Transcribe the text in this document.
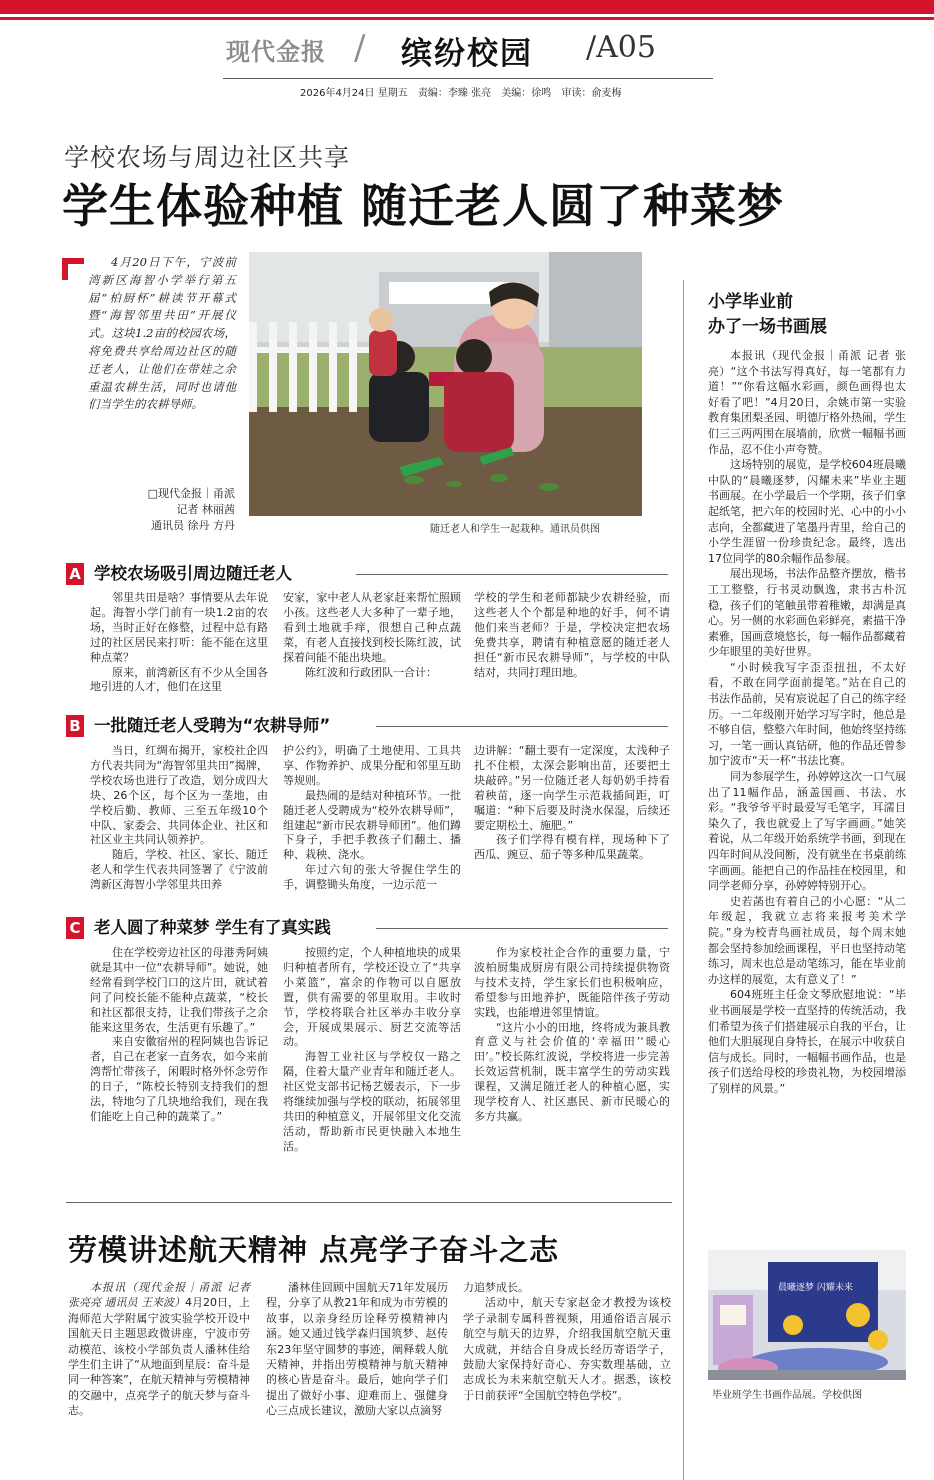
现代金报 / 缤纷校园 /A05
2026年4月24日 星期五 责编：李臻 张亮 美编：徐鸣 审读：俞麦梅
学校农场与周边社区共享
学生体验种植 随迁老人圆了种菜梦
4月20日下午，宁波前湾新区海智小学举行第五届“柏厨杯”耕读节开幕式暨“海智邻里共田”开展仪式。这块1.2亩的校园农场，将免费共享给周边社区的随迁老人，让他们在带娃之余重温农耕生活，同时也请他们当学生的农耕导师。
□现代金报｜甬派
记者 林丽茜
通讯员 徐丹 方丹	随迁老人和学生一起栽种。通讯员供图
小学毕业前
办了一场书画展

本报讯（现代金报｜甬派 记者 张亮）“这个书法写得真好，每一笔都有力道！”“你看这幅水彩画，颜色画得也太好看了吧！”4月20日，余姚市第一实验教育集团梨圣园、明德厅格外热闹，学生们三三两两围在展墙前，欣赏一幅幅书画作品，忍不住小声夸赞。

这场特别的展览，是学校604班晨曦中队的“晨曦逐梦，闪耀未来”毕业主题书画展。在小学最后一个学期，孩子们拿起纸笔，把六年的校园时光、心中的小小志向，全都藏进了笔墨丹青里，给自己的小学生涯留一份珍贵纪念。最终，选出17位同学的80余幅作品参展。

展出现场，书法作品整齐摆放，楷书工工整整，行书灵动飘逸，隶书古朴沉稳，孩子们的笔触虽带着稚嫩，却满是真心。另一侧的水彩画色彩鲜亮，素描干净素雅，国画意境悠长，每一幅作品都藏着少年眼里的美好世界。

“小时候我写字歪歪扭扭，不太好看，不敢在同学面前提笔。”站在自己的书法作品前，吴宥宸说起了自己的练字经历。一二年级刚开始学习写字时，他总是不够自信，整整六年时间，他始终坚持练习，一笔一画认真钻研，他的作品还曾参加宁波市“天一杯”书法比赛。

同为参展学生，孙婷婷这次一口气展出了11幅作品，涵盖国画、书法、水彩。“我爷爷平时最爱写毛笔字，耳濡目染久了，我也就爱上了写字画画。”她笑着说，从二年级开始系统学书画，到现在四年时间从没间断，没有就坐在书桌前练字画画。能把自己的作品挂在校园里，和同学老师分享，孙婷婷特别开心。

史若菡也有着自己的小心愿：“从二年级起，我就立志将来报考美术学院。”身为校青鸟画社成员，每个周末她都会坚持参加绘画课程，平日也坚持动笔练习，周末也总是动笔练习，能在毕业前办这样的展览，太有意义了！”

604班班主任金文琴欣慰地说：“毕业书画展是学校一直坚持的传统活动，我们希望为孩子们搭建展示自我的平台，让他们大胆展现自身特长，在展示中收获自信与成长。同时，一幅幅书画作品，也是孩子们送给母校的珍贵礼物，为校园增添了别样的风景。”

晨曦逐梦 闪耀未来
毕业班学生书画作品展。学校供图
A 学校农场吸引周边随迁老人

邻里共田是啥？事情要从去年说起。海智小学门前有一块1.2亩的农场，当时正好在修整，过程中总有路过的社区居民来打听：能不能在这里种点菜？

原来，前湾新区有不少从全国各地引进的人才，他们在这里

安家，家中老人从老家赶来帮忙照顾小孩。这些老人大多种了一辈子地，看到土地就手痒，很想自己种点蔬菜，有老人直接找到校长陈红波，试探着问能不能出块地。

陈红波和行政团队一合计：

学校的学生和老师都缺少农耕经验，而这些老人个个都是种地的好手，何不请他们来当老师？于是，学校决定把农场免费共享，聘请有种植意愿的随迁老人担任“新市民农耕导师”，与学校的中队结对，共同打理田地。

B 一批随迁老人受聘为“农耕导师”

当日，红绸布揭开，家校社企四方代表共同为“海智邻里共田”揭牌，学校农场也进行了改造，划分成四大块、26个区，每个区为一垄地，由学校后勤、教师、三至五年级10个中队、家委会、共同体企业、社区和社区业主共同认领养护。

随后，学校、社区、家长、随迁老人和学生代表共同签署了《宁波前湾新区海智小学邻里共田养

护公约》，明确了土地使用、工具共享、作物养护、成果分配和邻里互助等规则。

最热闹的是结对种植环节。一批随迁老人受聘成为“校外农耕导师”，组建起“新市民农耕导师团”。他们蹲下身子，手把手教孩子们翻土、播种、栽秧、浇水。

年过六旬的张大爷握住学生的手，调整锄头角度，一边示范一

边讲解：“翻土要有一定深度，太浅种子扎不住根，太深会影响出苗，还要把土块敲碎。”另一位随迁老人每奶奶手持看着秧苗，逐一向学生示范栽插间距，叮嘱道：“种下后要及时浇水保湿，后续还要定期松土、施肥。”

孩子们学得有模有样，现场种下了西瓜、豌豆、茄子等多种瓜果蔬菜。

C 老人圆了种菜梦 学生有了真实践

住在学校旁边社区的母港秀阿姨就是其中一位“农耕导师”。她说，她经常看到学校门口的这片田，就试着问了问校长能不能种点蔬菜，“校长和社区都很支持，让我们带孩子之余能来这里务农，生活更有乐趣了。”

来自安徽宿州的程阿姨也告诉记者，自己在老家一直务农，如今来前湾帮忙带孩子，闲暇时格外怀念劳作的日子，“陈校长特别支持我们的想法，特地匀了几块地给我们，现在我们能吃上自己种的蔬菜了。”

按照约定，个人种植地块的成果归种植者所有，学校还设立了“共享小菜篮”，富余的作物可以自愿放置，供有需要的邻里取用。丰收时节，学校将联合社区举办丰收分享会，开展成果展示、厨艺交流等活动。

海智工业社区与学校仅一路之隔，住着大量产业青年和随迁老人。社区党支部书记杨艺媛表示，下一步将继续加强与学校的联动，拓展邻里共田的种植意义，开展邻里文化交流活动，帮助新市民更快融入本地生活。

作为家校社企合作的重要力量，宁波柏厨集成厨房有限公司持续提供物资与技术支持，学生家长们也积极响应，希望参与田地养护，既能陪伴孩子劳动实践，也能增进邻里情谊。

“这片小小的田地，终将成为兼具教育意义与社会价值的‘幸福田’‘暖心田’。”校长陈红波说，学校将进一步完善长效运营机制，既丰富学生的劳动实践课程，又满足随迁老人的种植心愿，实现学校育人、社区惠民、新市民暖心的多方共赢。

劳模讲述航天精神 点亮学子奋斗之志

本报讯（现代金报｜甬派 记者 张亮亮 通讯员 王来波）4月20日，上海师范大学附属宁波实验学校开设中国航天日主题思政微讲座，宁波市劳动模范、该校小学部负责人潘林佳给学生们主讲了“从地面到星辰：奋斗是同一种答案”，在航天精神与劳模精神的交融中，点亮学子的航天梦与奋斗志。

潘林佳回顾中国航天71年发展历程，分享了从教21年和成为市劳模的故事，以亲身经历诠释劳模精神内涵。她又通过钱学森归国筑梦、赵传东23年坚守圆梦的事迹，阐释载人航天精神，并指出劳模精神与航天精神的核心皆是奋斗。最后，她向学子们提出了做好小事、迎难而上、强健身心三点成长建议，激励大家以点滴努

力追梦成长。

活动中，航天专家赵金才教授为该校学子录制专属科普视频，用通俗语言展示航空与航天的边界，介绍我国航空航天重大成就，并结合自身成长经历寄语学子，鼓励大家保持好奇心、夯实数理基础，立志成长为未来航空航天人才。据悉，该校于日前获评“全国航空特色学校”。
